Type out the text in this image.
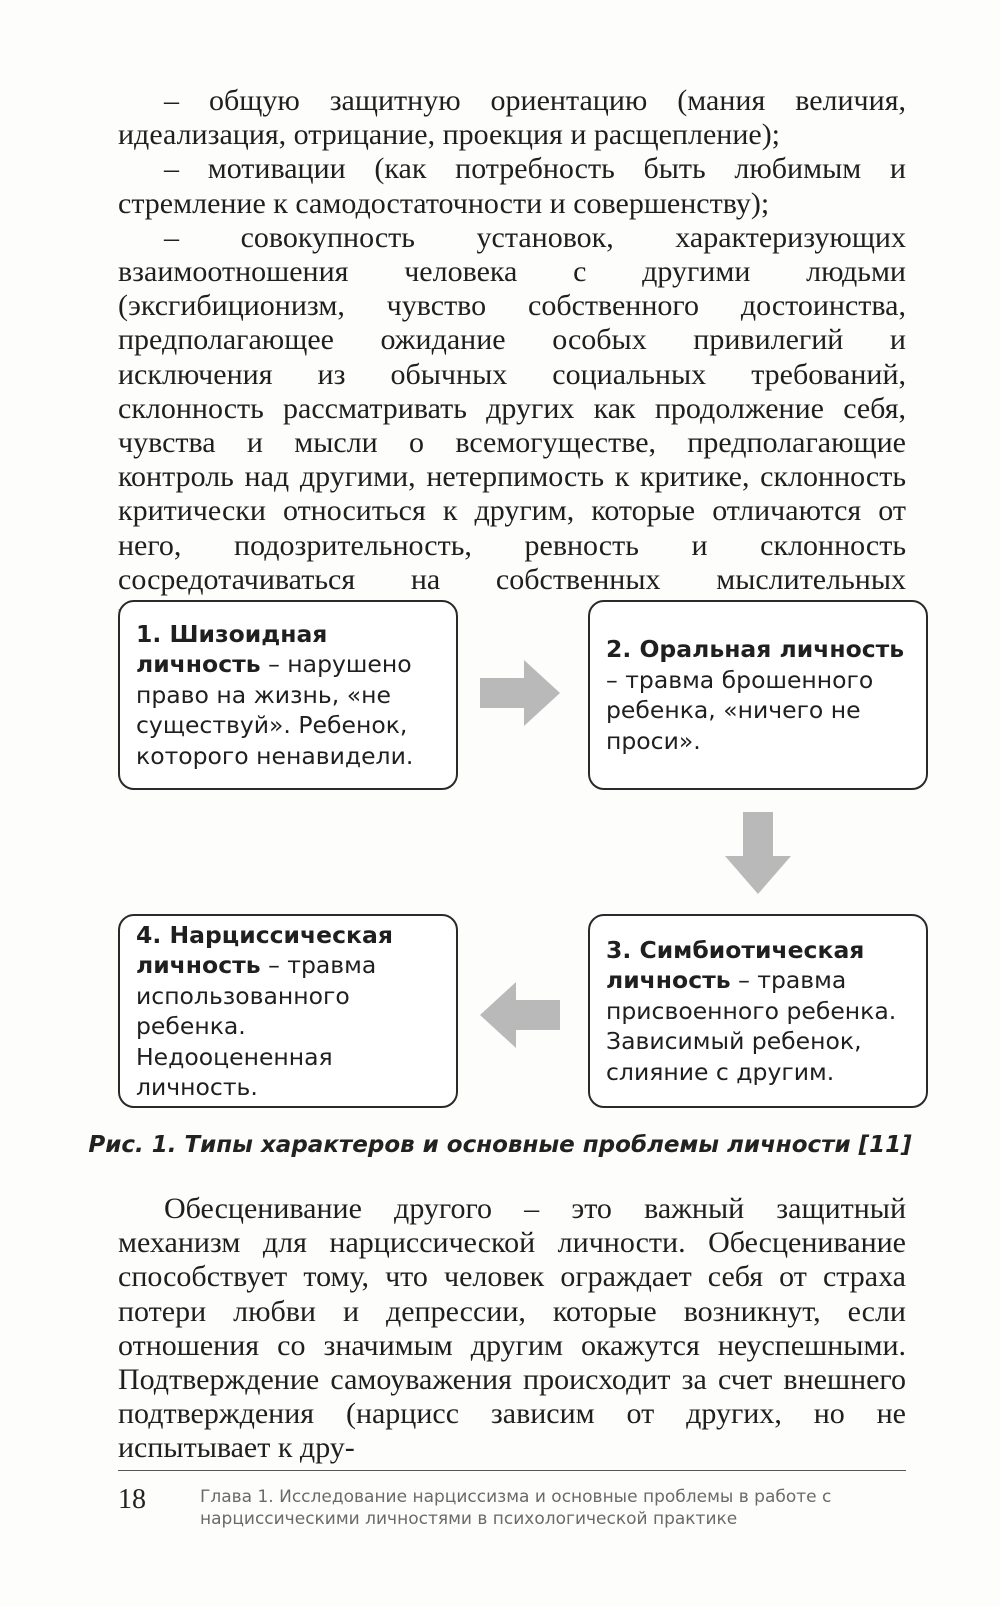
– общую защитную ориентацию (мания величия, идеализация, отрицание, проекция и расщепление);

– мотивации (как потребность быть любимым и стремление к самодостаточности и совершенству);

– совокупность установок, характеризующих взаимоотношения человека с другими людьми (эксгибиционизм, чувство собственного достоинства, предполагающее ожидание особых привилегий и исключения из обычных социальных требований, склонность рассматривать других как продолжение себя, чувства и мысли о всемогуществе, предполагающие контроль над другими, нетерпимость к критике, склонность критически относиться к другим, которые отличаются от него, подозрительность, ревность и склонность сосредотачиваться на собственных мыслительных

1. Шизоидная личность – нарушено право на жизнь, «не существуй». Ребенок, которого ненавидели.
2. Оральная личность – травма брошенного ребенка, «ничего не проси».
3. Симбиотическая личность – травма присвоенного ребенка. Зависимый ребенок, слияние с другим.
4. Нарциссическая личность – травма использованного ребенка. Недооцененная личность.
Рис. 1. Типы характеров и основные проблемы личности [11]

Обесценивание другого – это важный защитный механизм для нарциссической личности. Обесценивание способствует тому, что человек ограждает себя от страха потери любви и депрессии, которые возникнут, если отношения со значимым другим окажутся неуспешными. Подтверждение самоуважения происходит за счет внешнего подтверждения (нарцисс зависим от других, но не испытывает к дру-

18	Глава 1. Исследование нарциссизма и основные проблемы в работе с нарциссическими личностями в психологической практике
